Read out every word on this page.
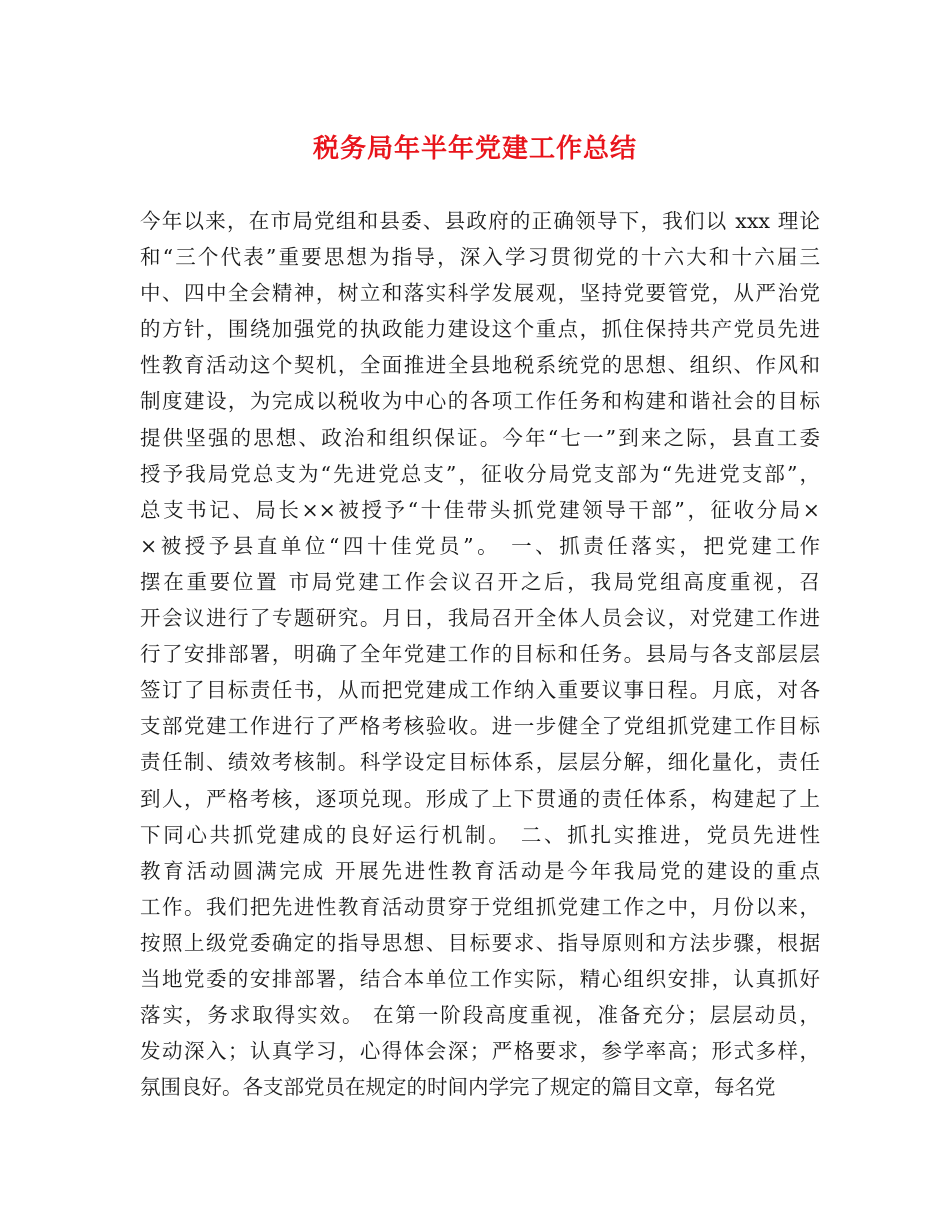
税务局年半年党建工作总结
今年以来，在市局党组和县委、县政府的正确领导下，我们以 xxx 理论
和“三个代表”重要思想为指导，深入学习贯彻党的十六大和十六届三
中、四中全会精神，树立和落实科学发展观，坚持党要管党，从严治党
的方针，围绕加强党的执政能力建设这个重点，抓住保持共产党员先进
性教育活动这个契机，全面推进全县地税系统党的思想、组织、作风和
制度建设，为完成以税收为中心的各项工作任务和构建和谐社会的目标
提供坚强的思想、政治和组织保证。今年“七一”到来之际，县直工委
授予我局党总支为“先进党总支”，征收分局党支部为“先进党支部”，
总支书记、局长××被授予“十佳带头抓党建领导干部”，征收分局×
×被授予县直单位“四十佳党员”。 一、抓责任落实，把党建工作
摆在重要位置 市局党建工作会议召开之后，我局党组高度重视，召
开会议进行了专题研究。月日，我局召开全体人员会议，对党建工作进
行了安排部署，明确了全年党建工作的目标和任务。县局与各支部层层
签订了目标责任书，从而把党建成工作纳入重要议事日程。月底，对各
支部党建工作进行了严格考核验收。进一步健全了党组抓党建工作目标
责任制、绩效考核制。科学设定目标体系，层层分解，细化量化，责任
到人，严格考核，逐项兑现。形成了上下贯通的责任体系，构建起了上
下同心共抓党建成的良好运行机制。 二、抓扎实推进，党员先进性
教育活动圆满完成 开展先进性教育活动是今年我局党的建设的重点
工作。我们把先进性教育活动贯穿于党组抓党建工作之中，月份以来，
按照上级党委确定的指导思想、目标要求、指导原则和方法步骤，根据
当地党委的安排部署，结合本单位工作实际，精心组织安排，认真抓好
落实，务求取得实效。 在第一阶段高度重视，准备充分；层层动员，
发动深入；认真学习，心得体会深；严格要求，参学率高；形式多样，
氛围良好。各支部党员在规定的时间内学完了规定的篇目文章，每名党
